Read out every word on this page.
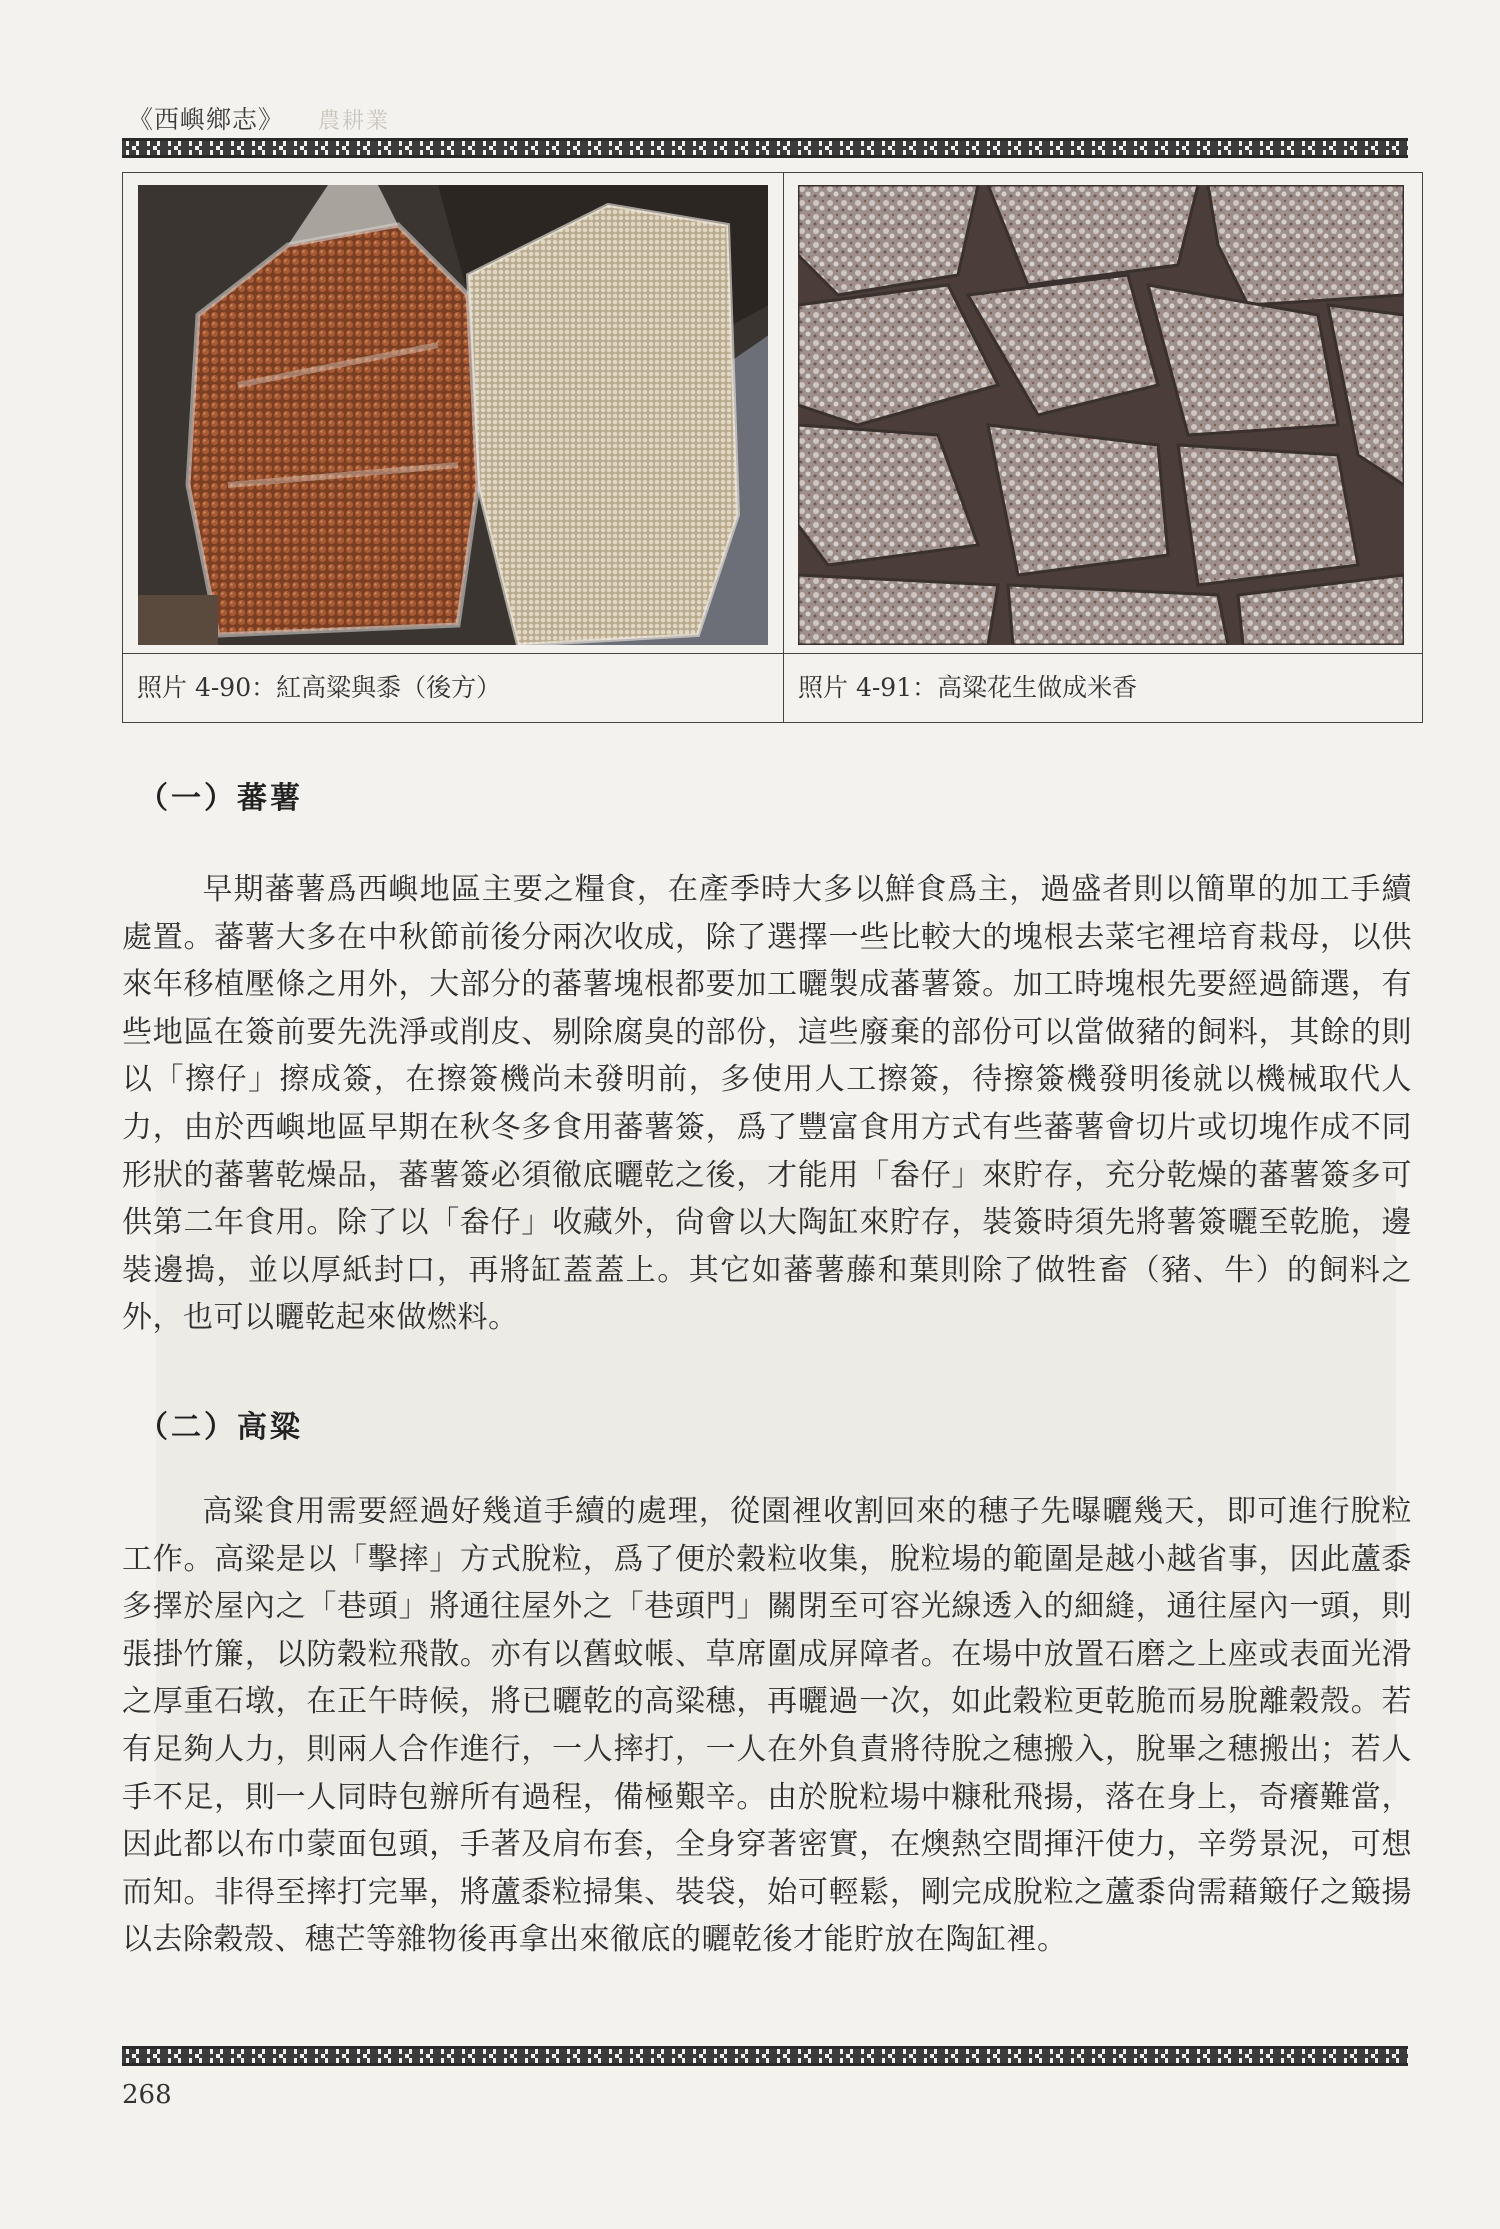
《西嶼鄉志》 農耕業
照片 4-90：紅高粱與黍（後方）	照片 4-91：高粱花生做成米香
（一）蕃薯
早期蕃薯爲西嶼地區主要之糧食，在產季時大多以鮮食爲主，過盛者則以簡單的加工手續處置。蕃薯大多在中秋節前後分兩次收成，除了選擇一些比較大的塊根去菜宅裡培育栽母，以供來年移植壓條之用外，大部分的蕃薯塊根都要加工曬製成蕃薯簽。加工時塊根先要經過篩選，有些地區在簽前要先洗淨或削皮、剔除腐臭的部份，這些廢棄的部份可以當做豬的飼料，其餘的則以「擦仔」擦成簽，在擦簽機尚未發明前，多使用人工擦簽，待擦簽機發明後就以機械取代人力，由於西嶼地區早期在秋冬多食用蕃薯簽，爲了豐富食用方式有些蕃薯會切片或切塊作成不同形狀的蕃薯乾燥品，蕃薯簽必須徹底曬乾之後，才能用「畚仔」來貯存，充分乾燥的蕃薯簽多可供第二年食用。除了以「畚仔」收藏外，尙會以大陶缸來貯存，裝簽時須先將薯簽曬至乾脆，邊裝邊搗，並以厚紙封口，再將缸蓋蓋上。其它如蕃薯藤和葉則除了做牲畜（豬、牛）的飼料之外，也可以曬乾起來做燃料。
（二）高粱
高粱食用需要經過好幾道手續的處理，從園裡收割回來的穗子先曝曬幾天，即可進行脫粒工作。高粱是以「擊摔」方式脫粒，爲了便於穀粒收集，脫粒場的範圍是越小越省事，因此蘆黍多擇於屋內之「巷頭」將通往屋外之「巷頭門」關閉至可容光線透入的細縫，通往屋內一頭，則張掛竹簾，以防穀粒飛散。亦有以舊蚊帳、草席圍成屏障者。在場中放置石磨之上座或表面光滑之厚重石墩，在正午時候，將已曬乾的高粱穗，再曬過一次，如此穀粒更乾脆而易脫離穀殼。若有足夠人力，則兩人合作進行，一人摔打，一人在外負責將待脫之穗搬入，脫畢之穗搬出；若人手不足，則一人同時包辦所有過程，備極艱辛。由於脫粒場中糠秕飛揚，落在身上，奇癢難當，因此都以布巾蒙面包頭，手著及肩布套，全身穿著密實，在燠熱空間揮汗使力，辛勞景況，可想而知。非得至摔打完畢，將蘆黍粒掃集、裝袋，始可輕鬆，剛完成脫粒之蘆黍尙需藉簸仔之簸揚以去除穀殼、穗芒等雜物後再拿出來徹底的曬乾後才能貯放在陶缸裡。
268
